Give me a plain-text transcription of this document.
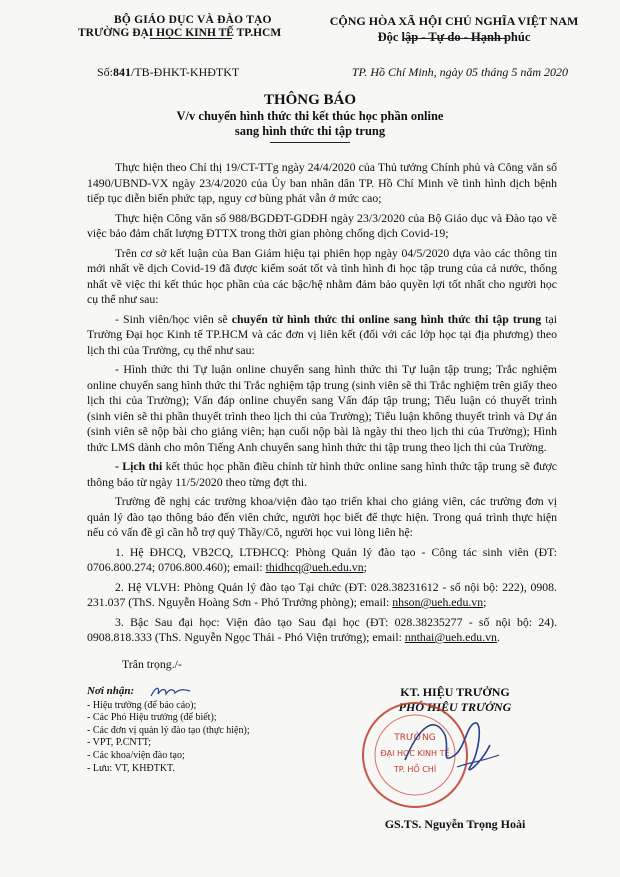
BỘ GIÁO DỤC VÀ ĐÀO TẠO
TRƯỜNG ĐẠI HỌC KINH TẾ TP.HCM
CỘNG HÒA XÃ HỘI CHỦ NGHĨA VIỆT NAM
Độc lập - Tự do - Hạnh phúc
Số:841/TB-ĐHKT-KHĐTKT	TP. Hồ Chí Minh, ngày 05 tháng 5 năm 2020
THÔNG BÁO
V/v chuyển hình thức thi kết thúc học phần online
sang hình thức thi tập trung

Thực hiện theo Chỉ thị 19/CT-TTg ngày 24/4/2020 của Thủ tướng Chính phủ và Công văn số 1490/UBND-VX ngày 23/4/2020 của Ủy ban nhân dân TP. Hồ Chí Minh về tình hình dịch bệnh tiếp tục diễn biến phức tạp, nguy cơ bùng phát vẫn ở mức cao;

Thực hiện Công văn số 988/BGDĐT-GDĐH ngày 23/3/2020 của Bộ Giáo dục và Đào tạo về việc bảo đảm chất lượng ĐTTX trong thời gian phòng chống dịch Covid-19;

Trên cơ sở kết luận của Ban Giám hiệu tại phiên họp ngày 04/5/2020 dựa vào các thông tin mới nhất về dịch Covid-19 đã được kiểm soát tốt và tình hình đi học tập trung của cả nước, thống nhất về việc thi kết thúc học phần của các bậc/hệ nhằm đảm bảo quyền lợi tốt nhất cho người học cụ thể như sau:

- Sinh viên/học viên sẽ chuyển từ hình thức thi online sang hình thức thi tập trung tại Trường Đại học Kinh tế TP.HCM và các đơn vị liên kết (đối với các lớp học tại địa phương) theo lịch thi của Trường, cụ thể như sau:

- Hình thức thi Tự luận online chuyển sang hình thức thi Tự luận tập trung; Trắc nghiệm online chuyển sang hình thức thi Trắc nghiệm tập trung (sinh viên sẽ thi Trắc nghiệm trên giấy theo lịch thi của Trường); Vấn đáp online chuyển sang Vấn đáp tập trung; Tiểu luận có thuyết trình (sinh viên sẽ thi phần thuyết trình theo lịch thi của Trường); Tiểu luận không thuyết trình và Dự án (sinh viên sẽ nộp bài cho giảng viên; hạn cuối nộp bài là ngày thi theo lịch thi của Trường); Hình thức LMS dành cho môn Tiếng Anh chuyển sang hình thức thi tập trung theo lịch thi của Trường.

- Lịch thi kết thúc học phần điều chỉnh từ hình thức online sang hình thức tập trung sẽ được thông báo từ ngày 11/5/2020 theo từng đợt thi.

Trường đề nghị các trường khoa/viện đào tạo triển khai cho giảng viên, các trường đơn vị quản lý đào tạo thông báo đến viên chức, người học biết để thực hiện. Trong quá trình thực hiện nếu có vấn đề gì cần hỗ trợ quý Thầy/Cô, người học vui lòng liên hệ:

1. Hệ ĐHCQ, VB2CQ, LTĐHCQ: Phòng Quản lý đào tạo - Công tác sinh viên (ĐT: 0706.800.274; 0706.800.460); email: thidhcq@ueh.edu.vn;

2. Hệ VLVH: Phòng Quản lý đào tạo Tại chức (ĐT: 028.38231612 - số nội bộ: 222), 0908. 231.037 (ThS. Nguyễn Hoàng Sơn - Phó Trưởng phòng); email: nhson@ueh.edu.vn;

3. Bậc Sau đại học: Viện đào tạo Sau đại học (ĐT: 028.38235277 - số nội bộ: 24). 0908.818.333 (ThS. Nguyễn Ngọc Thái - Phó Viện trưởng); email: nnthai@ueh.edu.vn.

Trân trọng./-
Nơi nhận:
- Hiệu trưởng (để báo cáo);
- Các Phó Hiệu trưởng (để biết);
- Các đơn vị quản lý đào tạo (thực hiện);
- VPT, P.CNTT;
- Các khoa/viện đào tạo;
- Lưu: VT, KHĐTKT.
KT. HIỆU TRƯỞNG
PHÓ HIỆU TRƯỞNG
TRƯỜNG
ĐẠI HỌC KINH TẾ
TP. HỒ CHÍ
GS.TS. Nguyễn Trọng Hoài
